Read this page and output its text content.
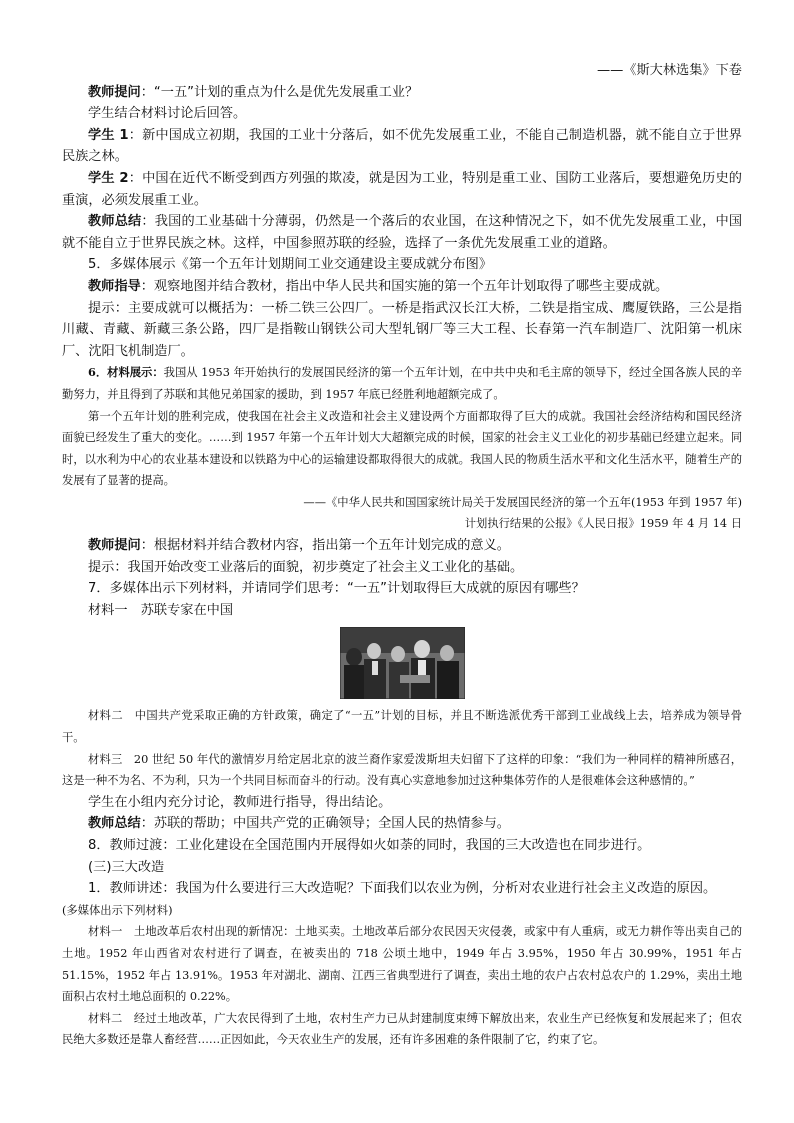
——《斯大林选集》下卷

教师提问：“一五”计划的重点为什么是优先发展重工业？

学生结合材料讨论后回答。

学生 1：新中国成立初期，我国的工业十分落后，如不优先发展重工业，不能自己制造机器，就不能自立于世界民族之林。

学生 2：中国在近代不断受到西方列强的欺凌，就是因为工业，特别是重工业、国防工业落后，要想避免历史的重演，必须发展重工业。

教师总结：我国的工业基础十分薄弱，仍然是一个落后的农业国，在这种情况之下，如不优先发展重工业，中国就不能自立于世界民族之林。这样，中国参照苏联的经验，选择了一条优先发展重工业的道路。

5．多媒体展示《第一个五年计划期间工业交通建设主要成就分布图》

教师指导：观察地图并结合教材，指出中华人民共和国实施的第一个五年计划取得了哪些主要成就。

提示：主要成就可以概括为：一桥二铁三公四厂。一桥是指武汉长江大桥，二铁是指宝成、鹰厦铁路，三公是指川藏、青藏、新藏三条公路，四厂是指鞍山钢铁公司大型轧钢厂等三大工程、长春第一汽车制造厂、沈阳第一机床厂、沈阳飞机制造厂。

6．材料展示：我国从 1953 年开始执行的发展国民经济的第一个五年计划，在中共中央和毛主席的领导下，经过全国各族人民的辛勤努力，并且得到了苏联和其他兄弟国家的援助，到 1957 年底已经胜利地超额完成了。

第一个五年计划的胜利完成，使我国在社会主义改造和社会主义建设两个方面都取得了巨大的成就。我国社会经济结构和国民经济面貌已经发生了重大的变化。……到 1957 年第一个五年计划大大超额完成的时候，国家的社会主义工业化的初步基础已经建立起来。同时，以水利为中心的农业基本建设和以铁路为中心的运输建设都取得很大的成就。我国人民的物质生活水平和文化生活水平，随着生产的发展有了显著的提高。

——《中华人民共和国国家统计局关于发展国民经济的第一个五年(1953 年到 1957 年)

计划执行结果的公报》《人民日报》1959 年 4 月 14 日

教师提问：根据材料并结合教材内容，指出第一个五年计划完成的意义。

提示：我国开始改变工业落后的面貌，初步奠定了社会主义工业化的基础。

7．多媒体出示下列材料，并请同学们思考：“一五”计划取得巨大成就的原因有哪些？

材料一　苏联专家在中国

材料二　中国共产党采取正确的方针政策，确定了“一五”计划的目标，并且不断选派优秀干部到工业战线上去，培养成为领导骨干。

材料三　20 世纪 50 年代的激情岁月给定居北京的波兰裔作家爱泼斯坦夫妇留下了这样的印象：“我们为一种同样的精神所感召，这是一种不为名、不为利，只为一个共同目标而奋斗的行动。没有真心实意地参加过这种集体劳作的人是很难体会这种感情的。”

学生在小组内充分讨论，教师进行指导，得出结论。

教师总结：苏联的帮助；中国共产党的正确领导；全国人民的热情参与。

8．教师过渡：工业化建设在全国范围内开展得如火如荼的同时，我国的三大改造也在同步进行。

(三)三大改造

1．教师讲述：我国为什么要进行三大改造呢？下面我们以农业为例，分析对农业进行社会主义改造的原因。

(多媒体出示下列材料)

材料一　土地改革后农村出现的新情况：土地买卖。土地改革后部分农民因天灾侵袭，或家中有人重病，或无力耕作等出卖自己的土地。1952 年山西省对农村进行了调查，在被卖出的 718 公顷土地中，1949 年占 3.95%，1950 年占 30.99%，1951 年占 51.15%，1952 年占 13.91%。1953 年对湖北、湖南、江西三省典型进行了调查，卖出土地的农户占农村总农户的 1.29%，卖出土地面积占农村土地总面积的 0.22%。

材料二　经过土地改革，广大农民得到了土地，农村生产力已从封建制度束缚下解放出来，农业生产已经恢复和发展起来了；但农民绝大多数还是靠人畜经营……正因如此，今天农业生产的发展，还有许多困难的条件限制了它，约束了它。
